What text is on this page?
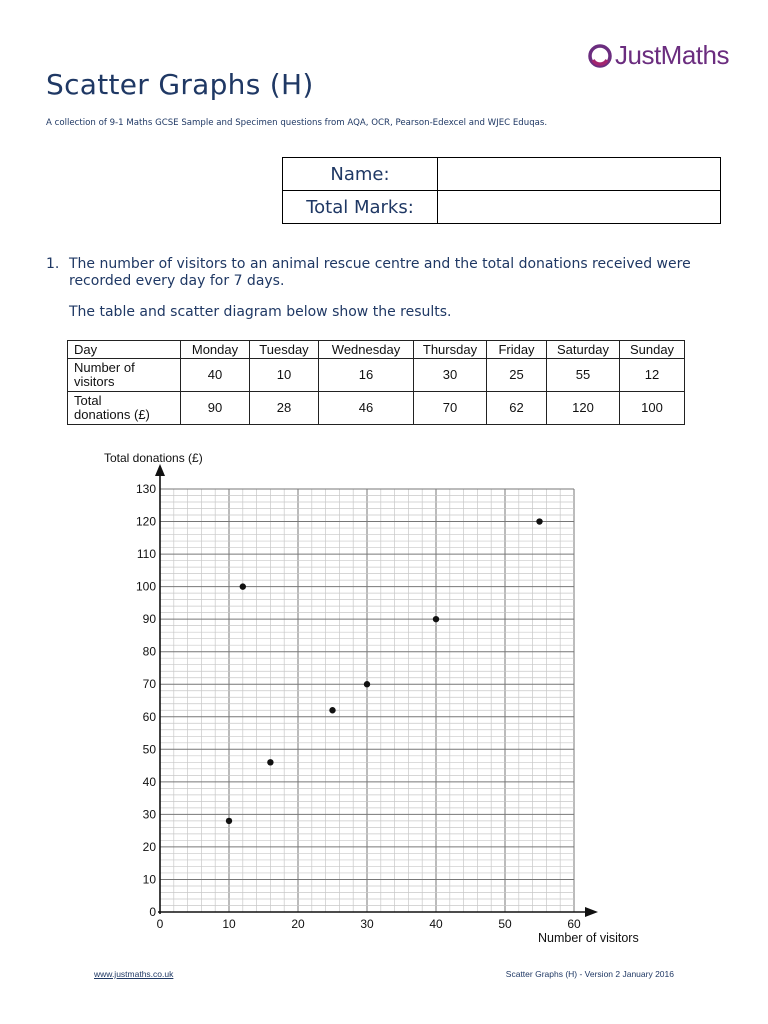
JustMaths
Scatter Graphs (H)
A collection of 9-1 Maths GCSE Sample and Specimen questions from AQA, OCR, Pearson-Edexcel and WJEC Eduqas.
Name:	
Total Marks:	
1. The number of visitors to an animal rescue centre and the total donations received were recorded every day for 7 days.
The table and scatter diagram below show the results.
Day	Monday	Tuesday	Wednesday	Thursday	Friday	Saturday	Sunday
Number of
visitors	40	10	16	30	25	55	12
Total
donations (£)	90	28	46	70	62	120	100
0	10	20	30	40	50	60
0
10
20
30
40
50
60
70
80
90
100
110
120
130
Total donations (£)
Number of visitors
www.justmaths.co.uk	Scatter Graphs (H) - Version 2 January 2016
